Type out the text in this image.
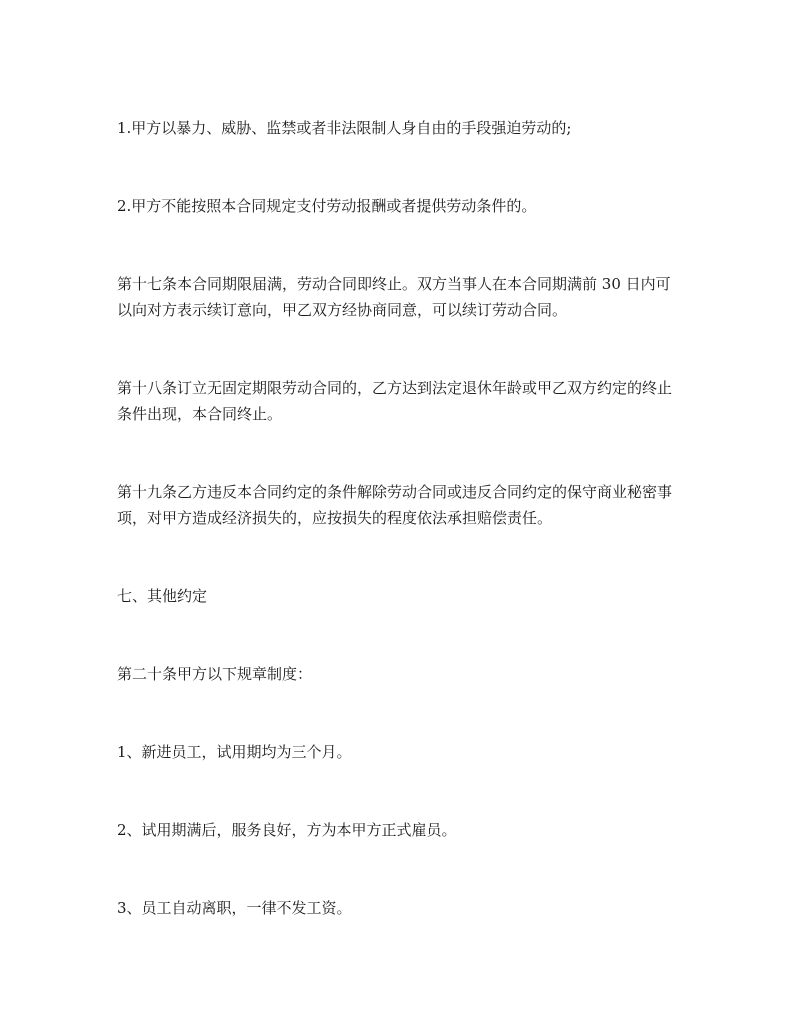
1.甲方以暴力、威胁、监禁或者非法限制人身自由的手段强迫劳动的;

2.甲方不能按照本合同规定支付劳动报酬或者提供劳动条件的。

第十七条本合同期限届满，劳动合同即终止。双方当事人在本合同期满前 30 日内可以向对方表示续订意向，甲乙双方经协商同意，可以续订劳动合同。

第十八条订立无固定期限劳动合同的，乙方达到法定退休年龄或甲乙双方约定的终止条件出现，本合同终止。

第十九条乙方违反本合同约定的条件解除劳动合同或违反合同约定的保守商业秘密事项，对甲方造成经济损失的，应按损失的程度依法承担赔偿责任。

七、其他约定

第二十条甲方以下规章制度：

1、新进员工，试用期均为三个月。

2、试用期满后，服务良好，方为本甲方正式雇员。

3、员工自动离职，一律不发工资。
